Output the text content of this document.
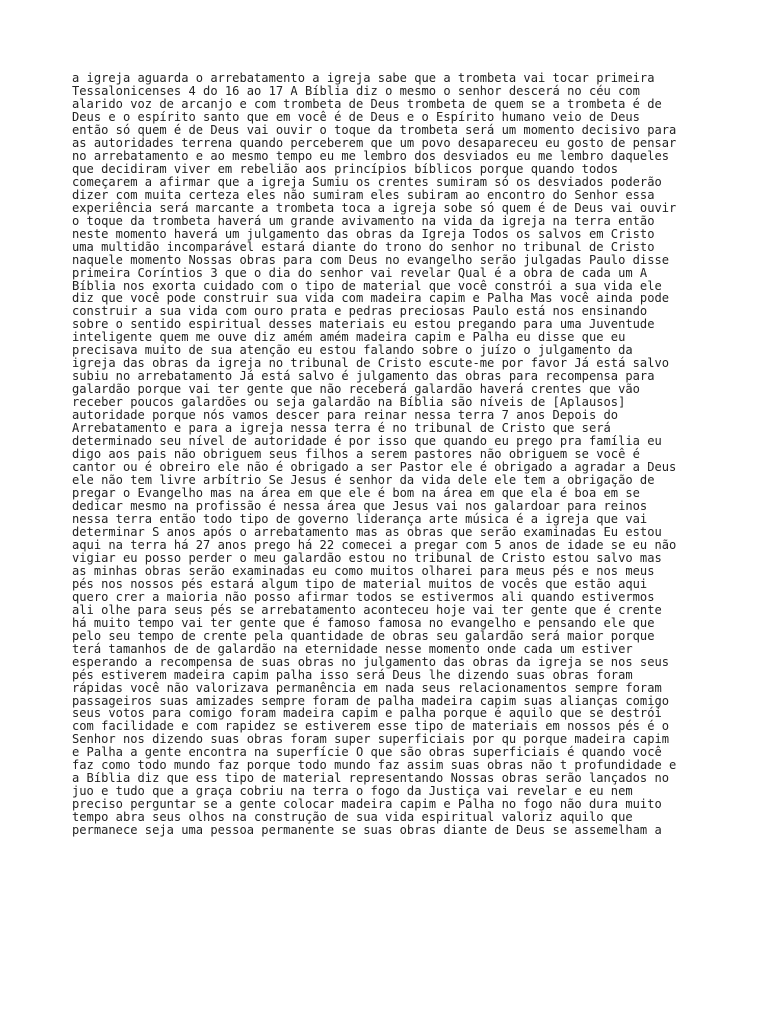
a igreja aguarda o arrebatamento a igreja sabe que a trombeta vai tocar primeira
Tessalonicenses 4 do 16 ao 17 A Bíblia diz o mesmo o senhor descerá no céu com
alarido voz de arcanjo e com trombeta de Deus trombeta de quem se a trombeta é de
Deus e o espírito santo que em você é de Deus e o Espírito humano veio de Deus
então só quem é de Deus vai ouvir o toque da trombeta será um momento decisivo para
as autoridades terrena quando perceberem que um povo desapareceu eu gosto de pensar
no arrebatamento e ao mesmo tempo eu me lembro dos desviados eu me lembro daqueles
que decidiram viver em rebelião aos princípios bíblicos porque quando todos
começarem a afirmar que a igreja Sumiu os crentes sumiram só os desviados poderão
dizer com muita certeza eles não sumiram eles subiram ao encontro do Senhor essa
experiência será marcante a trombeta toca a igreja sobe só quem é de Deus vai ouvir
o toque da trombeta haverá um grande avivamento na vida da igreja na terra então
neste momento haverá um julgamento das obras da Igreja Todos os salvos em Cristo
uma multidão incomparável estará diante do trono do senhor no tribunal de Cristo
naquele momento Nossas obras para com Deus no evangelho serão julgadas Paulo disse
primeira Coríntios 3 que o dia do senhor vai revelar Qual é a obra de cada um A
Bíblia nos exorta cuidado com o tipo de material que você constrói a sua vida ele
diz que você pode construir sua vida com madeira capim e Palha Mas você ainda pode
construir a sua vida com ouro prata e pedras preciosas Paulo está nos ensinando
sobre o sentido espiritual desses materiais eu estou pregando para uma Juventude
inteligente quem me ouve diz amém amém madeira capim e Palha eu disse que eu
precisava muito de sua atenção eu estou falando sobre o juízo o julgamento da
igreja das obras da igreja no tribunal de Cristo escute-me por favor Já está salvo
subiu no arrebatamento Já está salvo é julgamento das obras para recompensa para
galardão porque vai ter gente que não receberá galardão haverá crentes que vão
receber poucos galardões ou seja galardão na Bíblia são níveis de [Aplausos]
autoridade porque nós vamos descer para reinar nessa terra 7 anos Depois do
Arrebatamento e para a igreja nessa terra é no tribunal de Cristo que será
determinado seu nível de autoridade é por isso que quando eu prego pra família eu
digo aos pais não obriguem seus filhos a serem pastores não obriguem se você é
cantor ou é obreiro ele não é obrigado a ser Pastor ele é obrigado a agradar a Deus
ele não tem livre arbítrio Se Jesus é senhor da vida dele ele tem a obrigação de
pregar o Evangelho mas na área em que ele é bom na área em que ela é boa em se
dedicar mesmo na profissão é nessa área que Jesus vai nos galardoar para reinos
nessa terra então todo tipo de governo liderança arte música é a igreja que vai
determinar S anos após o arrebatamento mas as obras que serão examinadas Eu estou
aqui na terra há 27 anos prego há 22 comecei a pregar com 5 anos de idade se eu não
vigiar eu posso perder o meu galardão estou no tribunal de Cristo estou salvo mas
as minhas obras serão examinadas eu como muitos olharei para meus pés e nos meus
pés nos nossos pés estará algum tipo de material muitos de vocês que estão aqui
quero crer a maioria não posso afirmar todos se estivermos ali quando estivermos
ali olhe para seus pés se arrebatamento aconteceu hoje vai ter gente que é crente
há muito tempo vai ter gente que é famoso famosa no evangelho e pensando ele que
pelo seu tempo de crente pela quantidade de obras seu galardão será maior porque
terá tamanhos de de galardão na eternidade nesse momento onde cada um estiver
esperando a recompensa de suas obras no julgamento das obras da igreja se nos seus
pés estiverem madeira capim palha isso será Deus lhe dizendo suas obras foram
rápidas você não valorizava permanência em nada seus relacionamentos sempre foram
passageiros suas amizades sempre foram de palha madeira capim suas alianças comigo
seus votos para comigo foram madeira capim e palha porque é aquilo que se destrói
com facilidade e com rapidez se estiverem esse tipo de materiais em nossos pés é o
Senhor nos dizendo suas obras foram super superficiais por qu porque madeira capim
e Palha a gente encontra na superfície O que são obras superficiais é quando você
faz como todo mundo faz porque todo mundo faz assim suas obras não t profundidade e
a Bíblia diz que ess tipo de material representando Nossas obras serão lançados no
juo e tudo que a graça cobriu na terra o fogo da Justiça vai revelar e eu nem
preciso perguntar se a gente colocar madeira capim e Palha no fogo não dura muito
tempo abra seus olhos na construção de sua vida espiritual valoriz aquilo que
permanece seja uma pessoa permanente se suas obras diante de Deus se assemelham a
